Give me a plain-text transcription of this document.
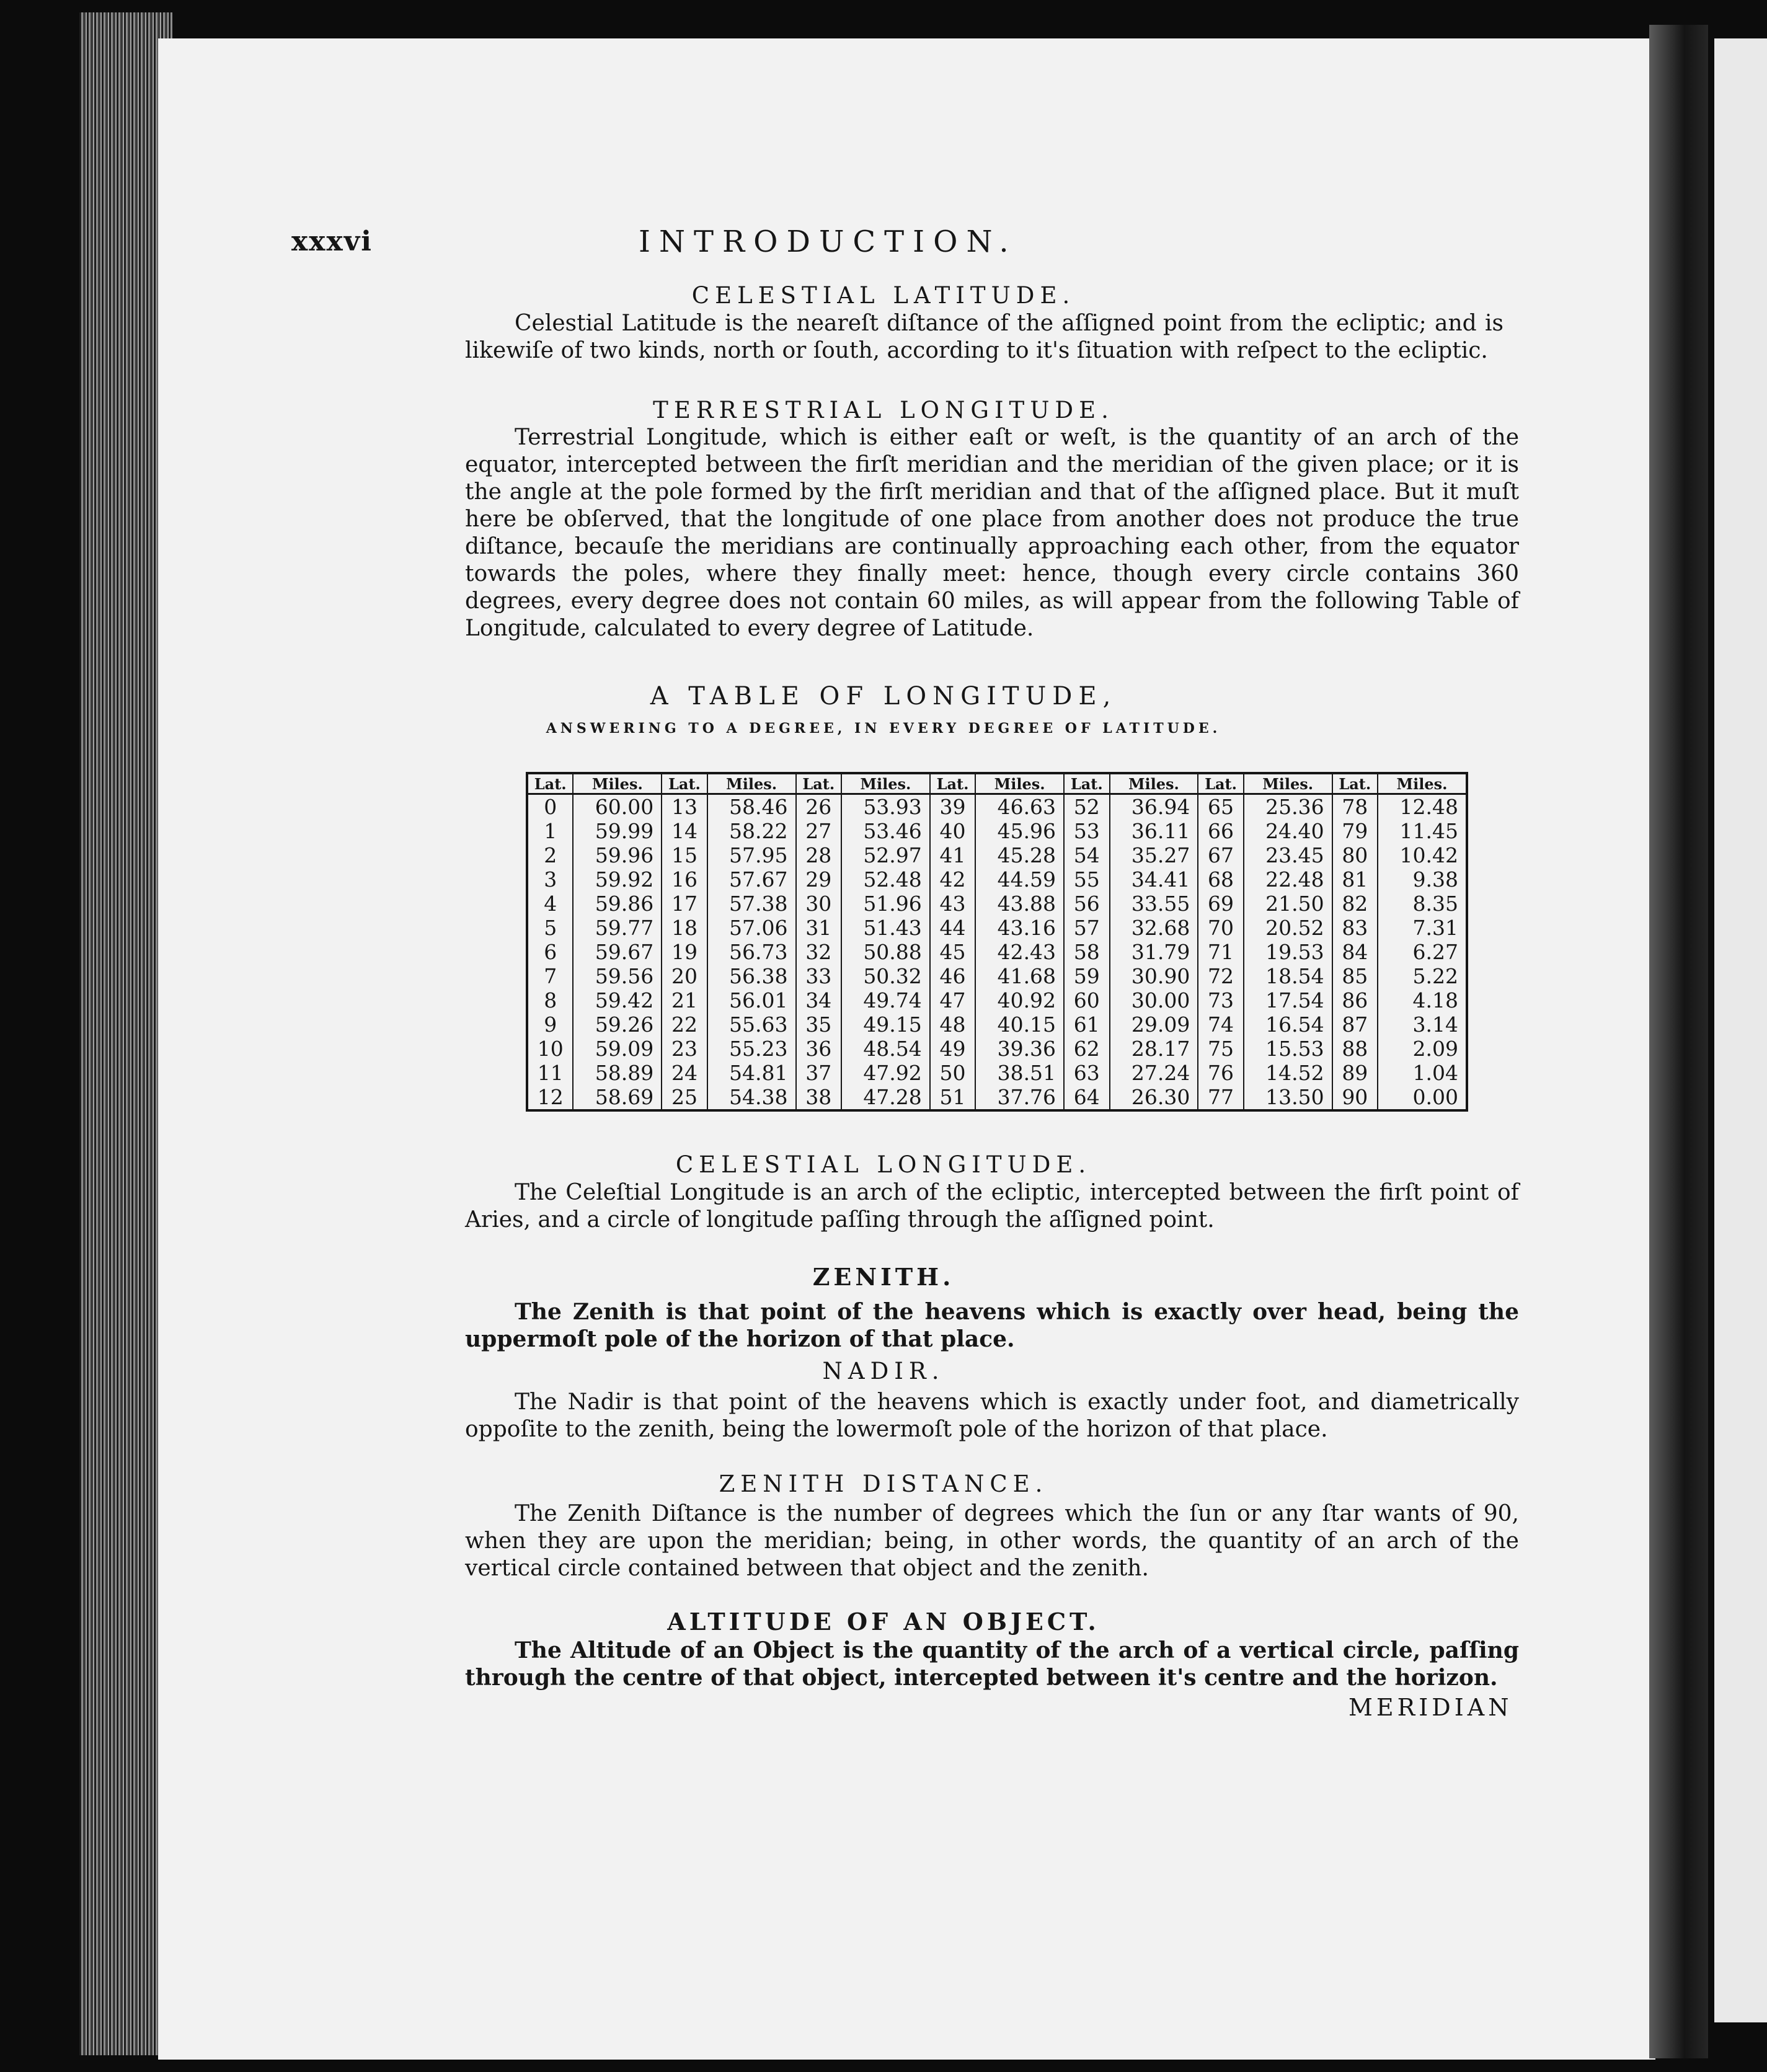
xxxvi	INTRODUCTION.
CELESTIAL LATITUDE.

Celestial Latitude is the neareſt diſtance of the aſſigned point from the ecliptic; and is likewiſe of two kinds, north or ſouth, according to it's ſituation with reſpect to the ecliptic.

TERRESTRIAL LONGITUDE.

Terrestrial Longitude, which is either eaſt or weſt, is the quantity of an arch of the equator, intercepted between the firſt meridian and the meridian of the given place; or it is the angle at the pole formed by the firſt meridian and that of the aſſigned place. But it muſt here be obſerved, that the longitude of one place from another does not produce the true diſtance, becauſe the meridians are continually approaching each other, from the equator towards the poles, where they finally meet: hence, though every circle contains 360 degrees, every degree does not contain 60 miles, as will appear from the following Table of Longitude, calculated to every degree of Latitude.

A TABLE OF LONGITUDE,
ANSWERING TO A DEGREE, IN EVERY DEGREE OF LATITUDE.
Lat.	Miles.	Lat.	Miles.	Lat.	Miles.	Lat.	Miles.	Lat.	Miles.	Lat.	Miles.	Lat.	Miles.
0	60.00	13	58.46	26	53.93	39	46.63	52	36.94	65	25.36	78	12.48
1	59.99	14	58.22	27	53.46	40	45.96	53	36.11	66	24.40	79	11.45
2	59.96	15	57.95	28	52.97	41	45.28	54	35.27	67	23.45	80	10.42
3	59.92	16	57.67	29	52.48	42	44.59	55	34.41	68	22.48	81	9.38
4	59.86	17	57.38	30	51.96	43	43.88	56	33.55	69	21.50	82	8.35
5	59.77	18	57.06	31	51.43	44	43.16	57	32.68	70	20.52	83	7.31
6	59.67	19	56.73	32	50.88	45	42.43	58	31.79	71	19.53	84	6.27
7	59.56	20	56.38	33	50.32	46	41.68	59	30.90	72	18.54	85	5.22
8	59.42	21	56.01	34	49.74	47	40.92	60	30.00	73	17.54	86	4.18
9	59.26	22	55.63	35	49.15	48	40.15	61	29.09	74	16.54	87	3.14
10	59.09	23	55.23	36	48.54	49	39.36	62	28.17	75	15.53	88	2.09
11	58.89	24	54.81	37	47.92	50	38.51	63	27.24	76	14.52	89	1.04
12	58.69	25	54.38	38	47.28	51	37.76	64	26.30	77	13.50	90	0.00
CELESTIAL LONGITUDE.

The Celeſtial Longitude is an arch of the ecliptic, intercepted between the firſt point of Aries, and a circle of longitude paſſing through the aſſigned point.

ZENITH.

The Zenith is that point of the heavens which is exactly over head, being the uppermoſt pole of the horizon of that place.

NADIR.

The Nadir is that point of the heavens which is exactly under foot, and diametrically oppoſite to the zenith, being the lowermoſt pole of the horizon of that place.

ZENITH DISTANCE.

The Zenith Diſtance is the number of degrees which the ſun or any ſtar wants of 90, when they are upon the meridian; being, in other words, the quantity of an arch of the vertical circle contained between that object and the zenith.

ALTITUDE OF AN OBJECT.

The Altitude of an Object is the quantity of the arch of a vertical circle, paſſing through the centre of that object, intercepted between it's centre and the horizon.

MERIDIAN
